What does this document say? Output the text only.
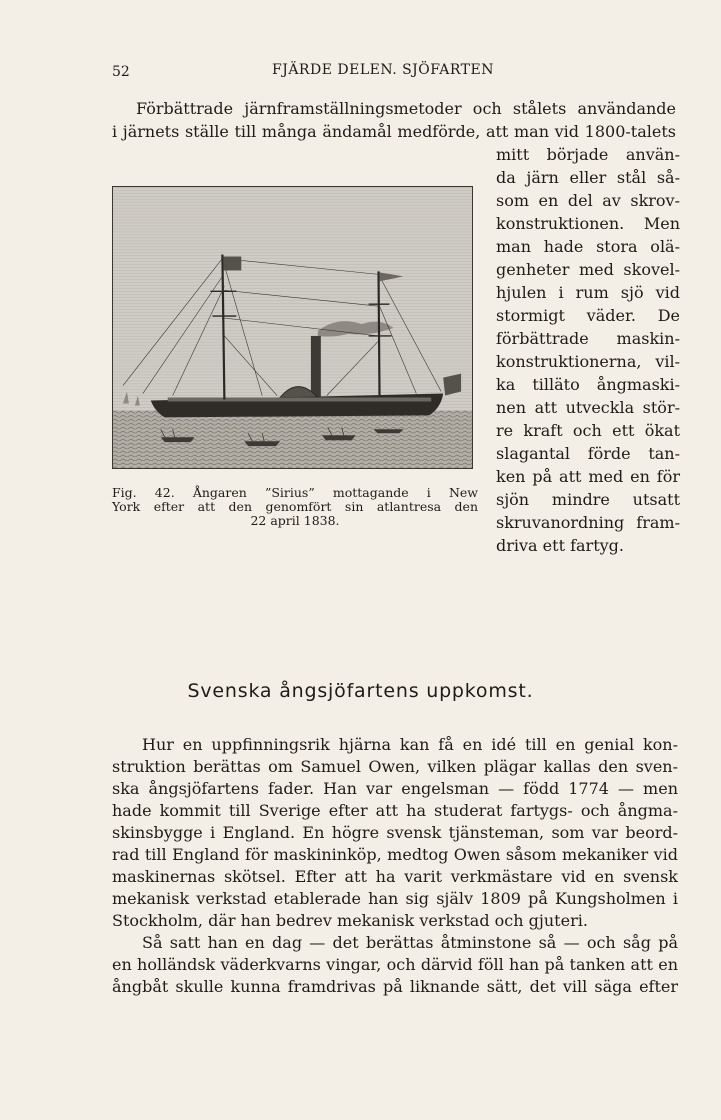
52	FJÄRDE DELEN. SJÖFARTEN
Förbättrade järnframställningsmetoder och stålets användande
i järnets ställe till många ändamål medförde, att man vid 1800-talets
mitt började använ-
da järn eller stål så-
som en del av skrov-
konstruktionen. Men
man hade stora olä-
genheter med skovel-
hjulen i rum sjö vid
stormigt väder. De
förbättrade maskin-
konstruktionerna, vil-
ka tilläto ångmaski-
nen att utveckla stör-
re kraft och ett ökat
slagantal förde tan-
ken på att med en för
sjön mindre utsatt
skruvanordning fram-
driva ett fartyg.
Fig. 42. Ångaren ”Sirius” mottagande i New
York efter att den genomfört sin atlantresa den
22 april 1838.
Svenska ångsjöfartens uppkomst.
Hur en uppfinningsrik hjärna kan få en idé till en genial kon-
struktion berättas om Samuel Owen, vilken plägar kallas den sven-
ska ångsjöfartens fader. Han var engelsman — född 1774 — men
hade kommit till Sverige efter att ha studerat fartygs- och ångma-
skinsbygge i England. En högre svensk tjänsteman, som var beord-
rad till England för maskininköp, medtog Owen såsom mekaniker vid
maskinernas skötsel. Efter att ha varit verkmästare vid en svensk
mekanisk verkstad etablerade han sig själv 1809 på Kungsholmen i
Stockholm, där han bedrev mekanisk verkstad och gjuteri.
Så satt han en dag — det berättas åtminstone så — och såg på
en holländsk väderkvarns vingar, och därvid föll han på tanken att en
ångbåt skulle kunna framdrivas på liknande sätt, det vill säga efter
